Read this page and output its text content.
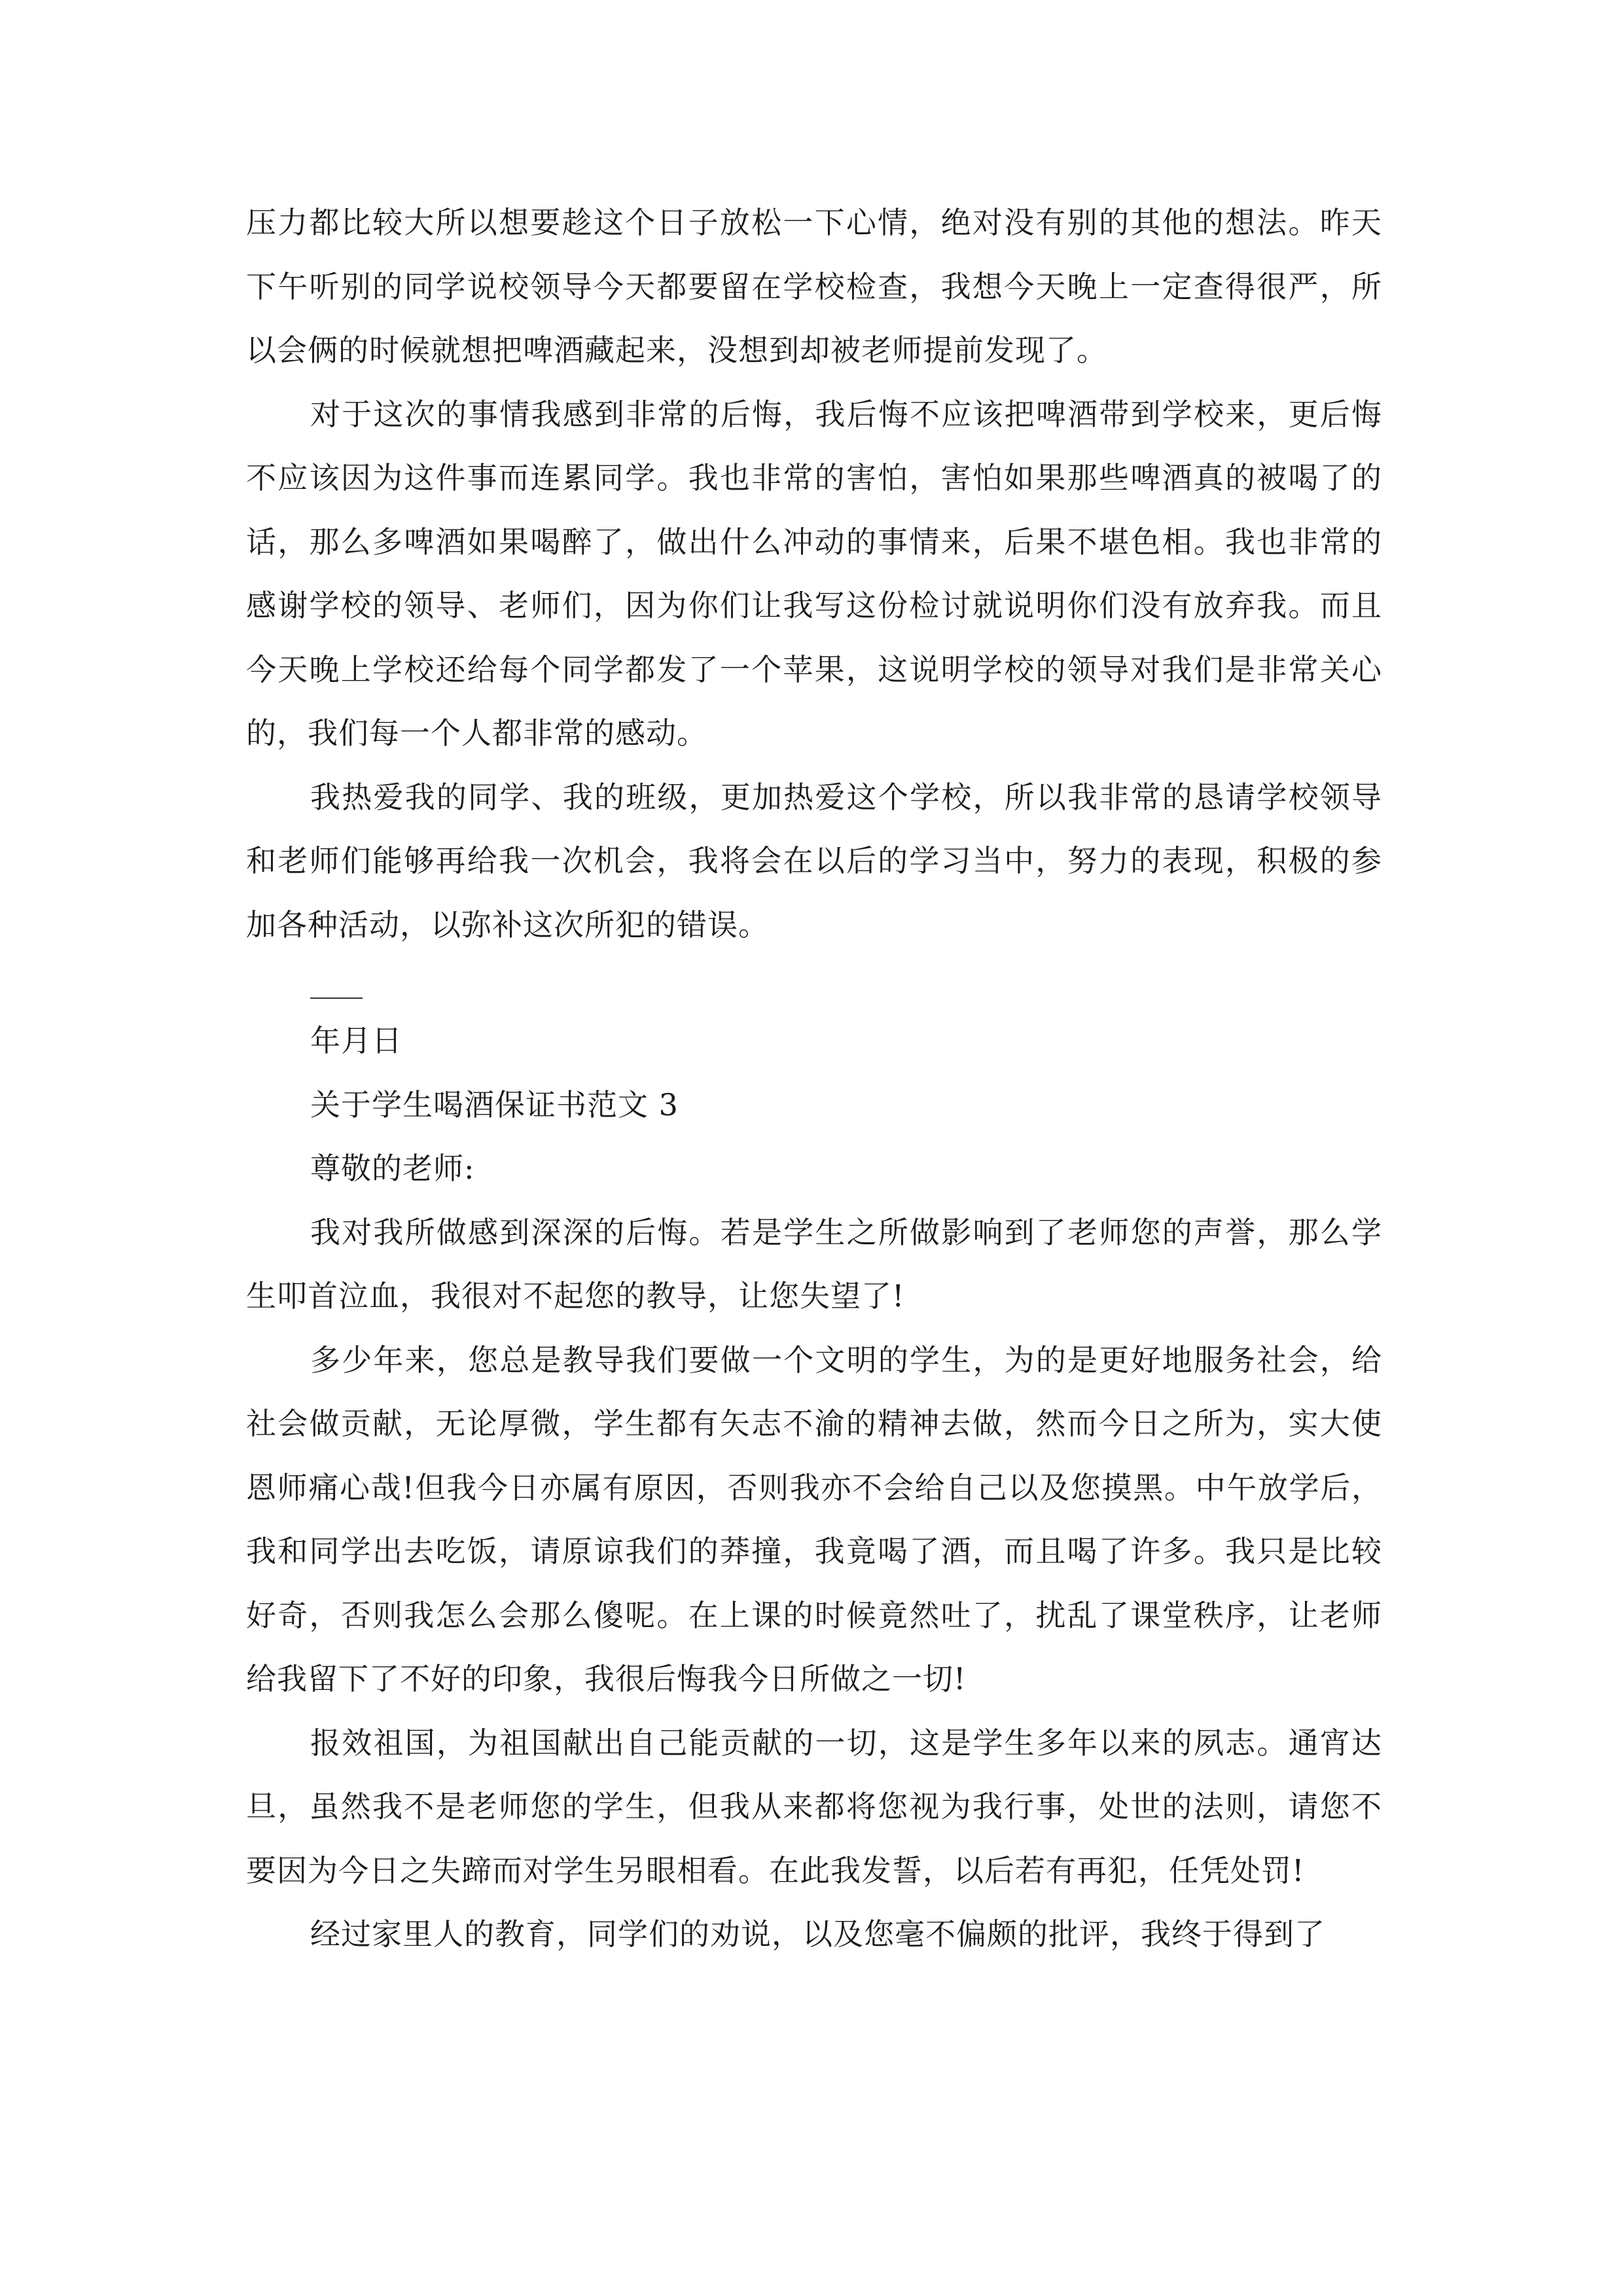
压力都比较大所以想要趁这个日子放松一下心情，绝对没有别的其他的想法。昨天下午听别的同学说校领导今天都要留在学校检查，我想今天晚上一定查得很严，所以会俩的时候就想把啤酒藏起来，没想到却被老师提前发现了。

对于这次的事情我感到非常的后悔，我后悔不应该把啤酒带到学校来，更后悔不应该因为这件事而连累同学。我也非常的害怕，害怕如果那些啤酒真的被喝了的话，那么多啤酒如果喝醉了，做出什么冲动的事情来，后果不堪色相。我也非常的感谢学校的领导、老师们，因为你们让我写这份检讨就说明你们没有放弃我。而且今天晚上学校还给每个同学都发了一个苹果，这说明学校的领导对我们是非常关心的，我们每一个人都非常的感动。

我热爱我的同学、我的班级，更加热爱这个学校，所以我非常的恳请学校领导和老师们能够再给我一次机会，我将会在以后的学习当中，努力的表现，积极的参加各种活动，以弥补这次所犯的错误。

年月日

关于学生喝酒保证书范文 3

尊敬的老师:

我对我所做感到深深的后悔。若是学生之所做影响到了老师您的声誉，那么学生叩首泣血，我很对不起您的教导，让您失望了!

多少年来，您总是教导我们要做一个文明的学生，为的是更好地服务社会，给社会做贡献，无论厚微，学生都有矢志不渝的精神去做，然而今日之所为，实大使恩师痛心哉!但我今日亦属有原因，否则我亦不会给自己以及您摸黑。中午放学后，我和同学出去吃饭，请原谅我们的莽撞，我竟喝了酒，而且喝了许多。我只是比较好奇，否则我怎么会那么傻呢。在上课的时候竟然吐了，扰乱了课堂秩序，让老师给我留下了不好的印象，我很后悔我今日所做之一切!

报效祖国，为祖国献出自己能贡献的一切，这是学生多年以来的夙志。通宵达旦，虽然我不是老师您的学生，但我从来都将您视为我行事，处世的法则，请您不要因为今日之失蹄而对学生另眼相看。在此我发誓，以后若有再犯，任凭处罚!

经过家里人的教育，同学们的劝说，以及您毫不偏颇的批评，我终于得到了
